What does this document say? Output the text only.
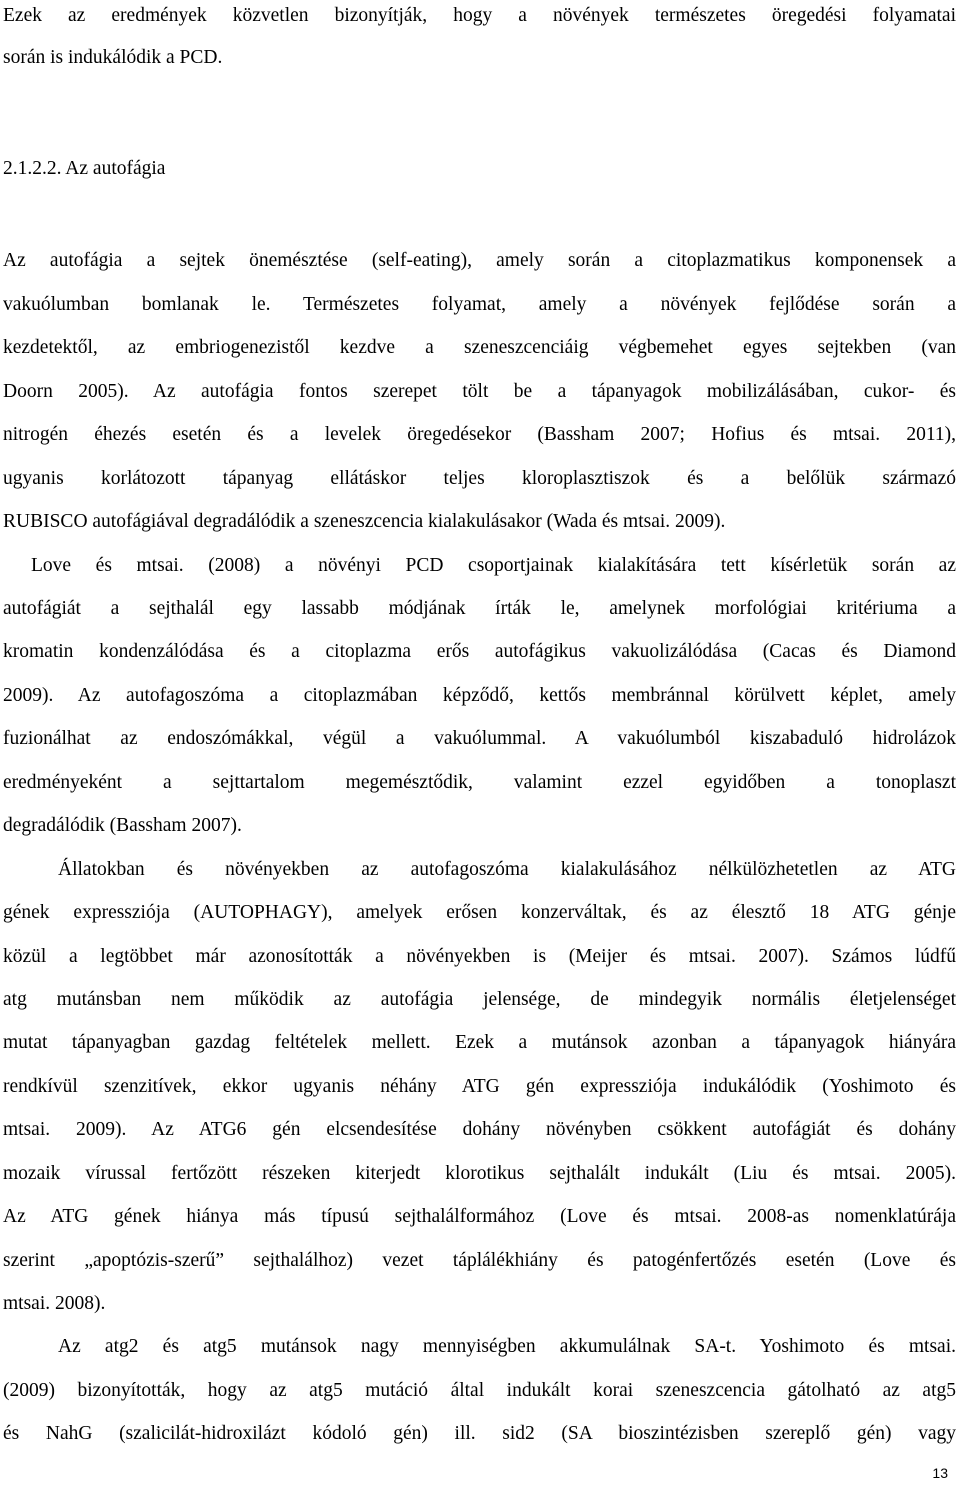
Ezek az eredmények közvetlen bizonyítják, hogy a növények természetes öregedési folyamatai

során is indukálódik a PCD.

2.1.2.2. Az autofágia

Az autofágia a sejtek önemésztése (self-eating), amely során a citoplazmatikus komponensek a

vakuólumban bomlanak le. Természetes folyamat, amely a növények fejlődése során a

kezdetektől, az embriogenezistől kezdve a szeneszcenciáig végbemehet egyes sejtekben (van

Doorn 2005). Az autofágia fontos szerepet tölt be a tápanyagok mobilizálásában, cukor- és

nitrogén éhezés esetén és a levelek öregedésekor (Bassham 2007; Hofius és mtsai. 2011),

ugyanis korlátozott tápanyag ellátáskor teljes kloroplasztiszok és a belőlük származó

RUBISCO autofágiával degradálódik a szeneszcencia kialakulásakor (Wada és mtsai. 2009).

Love és mtsai. (2008) a növényi PCD csoportjainak kialakítására tett kísérletük során az

autofágiát a sejthalál egy lassabb módjának írták le, amelynek morfológiai kritériuma a

kromatin kondenzálódása és a citoplazma erős autofágikus vakuolizálódása (Cacas és Diamond

2009). Az autofagoszóma a citoplazmában képződő, kettős membránnal körülvett képlet, amely

fuzionálhat az endoszómákkal, végül a vakuólummal. A vakuólumból kiszabaduló hidrolázok

eredményeként a sejttartalom megemésztődik, valamint ezzel egyidőben a tonoplaszt

degradálódik (Bassham 2007).

Állatokban és növényekben az autofagoszóma kialakulásához nélkülözhetetlen az ATG

gének expressziója (AUTOPHAGY), amelyek erősen konzerváltak, és az élesztő 18 ATG génje

közül a legtöbbet már azonosították a növényekben is (Meijer és mtsai. 2007). Számos lúdfű

atg mutánsban nem működik az autofágia jelensége, de mindegyik normális életjelenséget

mutat tápanyagban gazdag feltételek mellett. Ezek a mutánsok azonban a tápanyagok hiányára

rendkívül szenzitívek, ekkor ugyanis néhány ATG gén expressziója indukálódik (Yoshimoto és

mtsai. 2009). Az ATG6 gén elcsendesítése dohány növényben csökkent autofágiát és dohány

mozaik vírussal fertőzött részeken kiterjedt klorotikus sejthalált indukált (Liu és mtsai. 2005).

Az ATG gének hiánya más típusú sejthalálformához (Love és mtsai. 2008-as nomenklatúrája

szerint „apoptózis-szerű” sejthalálhoz) vezet táplálékhiány és patogénfertőzés esetén (Love és

mtsai. 2008).

Az atg2 és atg5 mutánsok nagy mennyiségben akkumulálnak SA-t. Yoshimoto és mtsai.

(2009) bizonyították, hogy az atg5 mutáció által indukált korai szeneszcencia gátolható az atg5

és NahG (szalicilát-hidroxilázt kódoló gén) ill. sid2 (SA bioszintézisben szereplő gén) vagy

13
